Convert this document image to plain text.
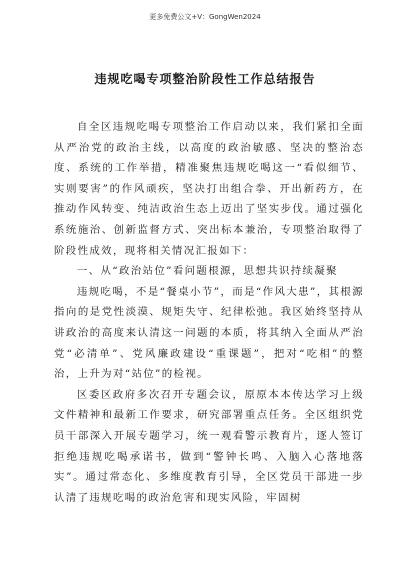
更多免费公文+V：GongWen2024
违规吃喝专项整治阶段性工作总结报告

自全区违规吃喝专项整治工作启动以来，我们紧扣全面从严治党的政治主线，以高度的政治敏感、坚决的整治态度、系统的工作举措，精准聚焦违规吃喝这一“看似细节、实则要害”的作风顽疾，坚决打出组合拳、开出新药方，在推动作风转变、纯洁政治生态上迈出了坚实步伐。通过强化系统施治、创新监督方式、突出标本兼治，专项整治取得了阶段性成效，现将相关情况汇报如下：

一、从“政治站位”看问题根源，思想共识持续凝聚

违规吃喝，不是“餐桌小节”，而是“作风大患”，其根源指向的是党性淡漠、规矩失守、纪律松弛。我区始终坚持从讲政治的高度来认清这一问题的本质，将其纳入全面从严治党“必清单”、党风廉政建设“重课题”，把对“吃相”的整治，上升为对“站位”的检视。

区委区政府多次召开专题会议，原原本本传达学习上级文件精神和最新工作要求，研究部署重点任务。全区组织党员干部深入开展专题学习，统一观看警示教育片，逐人签订拒绝违规吃喝承诺书，做到“警钟长鸣、入脑入心落地落实”。通过常态化、多维度教育引导，全区党员干部进一步认清了违规吃喝的政治危害和现实风险，牢固树
